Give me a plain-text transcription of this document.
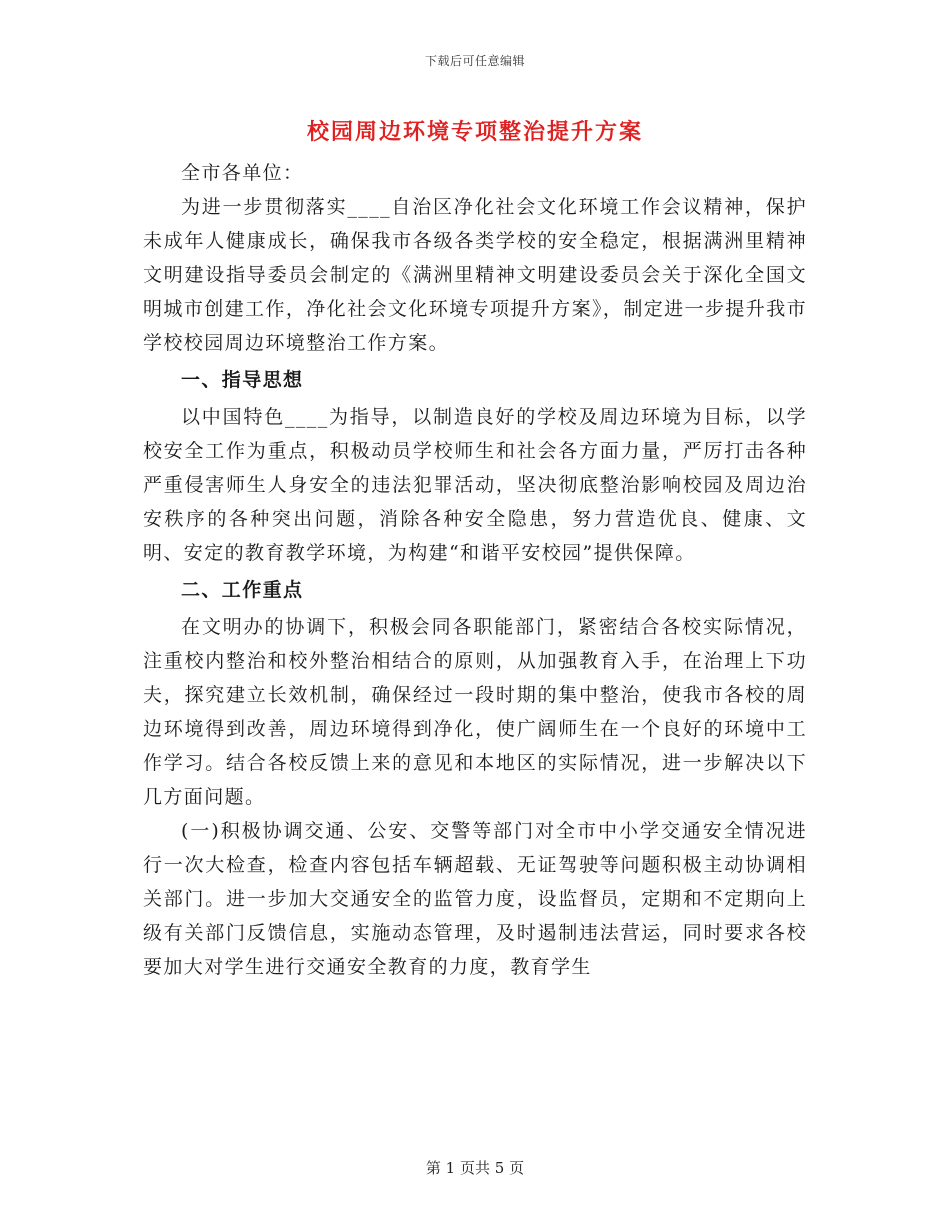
下载后可任意编辑
校园周边环境专项整治提升方案

全市各单位：

为进一步贯彻落实____自治区净化社会文化环境工作会议精神，保护未成年人健康成长，确保我市各级各类学校的安全稳定，根据满洲里精神文明建设指导委员会制定的《满洲里精神文明建设委员会关于深化全国文明城市创建工作，净化社会文化环境专项提升方案》，制定进一步提升我市学校校园周边环境整治工作方案。

一、指导思想

以中国特色____为指导，以制造良好的学校及周边环境为目标，以学校安全工作为重点，积极动员学校师生和社会各方面力量，严厉打击各种严重侵害师生人身安全的违法犯罪活动，坚决彻底整治影响校园及周边治安秩序的各种突出问题，消除各种安全隐患，努力营造优良、健康、文明、安定的教育教学环境，为构建“和谐平安校园”提供保障。

二、工作重点

在文明办的协调下，积极会同各职能部门，紧密结合各校实际情况，注重校内整治和校外整治相结合的原则，从加强教育入手，在治理上下功夫，探究建立长效机制，确保经过一段时期的集中整治，使我市各校的周边环境得到改善，周边环境得到净化，使广阔师生在一个良好的环境中工作学习。结合各校反馈上来的意见和本地区的实际情况，进一步解决以下几方面问题。

(一)积极协调交通、公安、交警等部门对全市中小学交通安全情况进行一次大检查，检查内容包括车辆超载、无证驾驶等问题积极主动协调相关部门。进一步加大交通安全的监管力度，设监督员，定期和不定期向上级有关部门反馈信息，实施动态管理，及时遏制违法营运，同时要求各校要加大对学生进行交通安全教育的力度，教育学生

第 1 页共 5 页
